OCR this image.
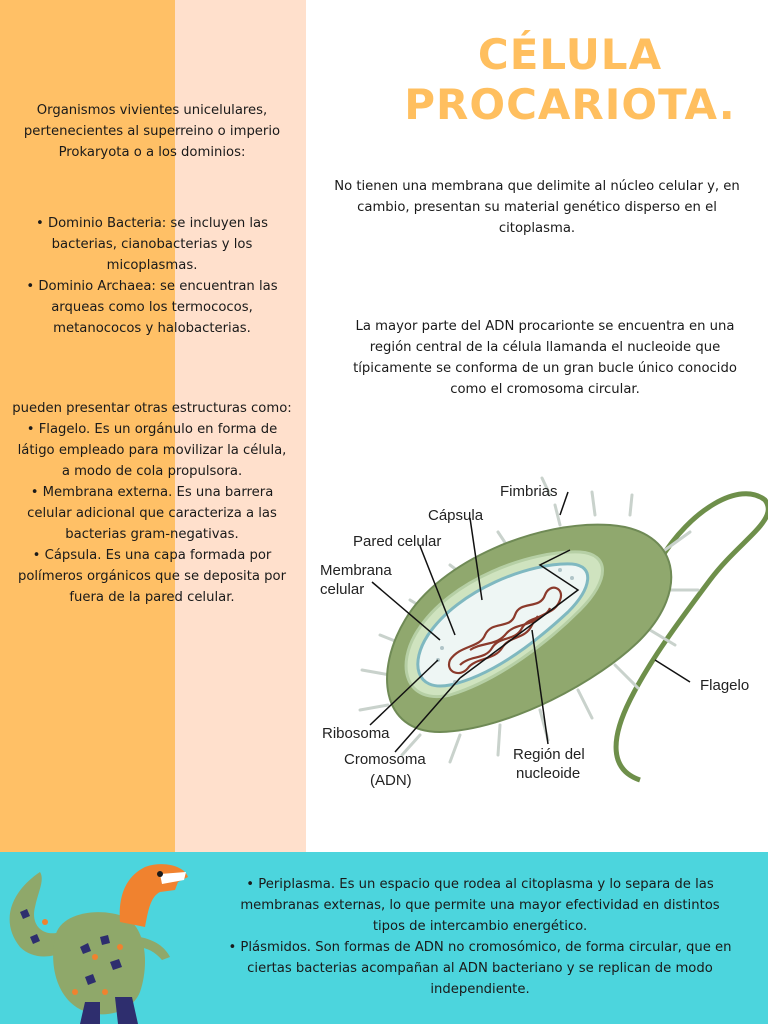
Organismos vivientes unicelulares, pertenecientes al superreino o imperio Prokaryota o a los dominios:

• Dominio Bacteria: se incluyen las bacterias, cianobacterias y los micoplasmas.

• Dominio Archaea: se encuentran las arqueas como los termococos, metanococos y halobacterias.

pueden presentar otras estructuras como:

• Flagelo. Es un orgánulo en forma de látigo empleado para movilizar la célula, a modo de cola propulsora.

• Membrana externa. Es una barrera celular adicional que caracteriza a las bacterias gram-negativas.

• Cápsula. Es una capa formada por polímeros orgánicos que se deposita por fuera de la pared celular.

CÉLULA
PROCARIOTA.
No tienen una membrana que delimite al núcleo celular y, en cambio, presentan su material genético disperso en el citoplasma.
La mayor parte del ADN procarionte se encuentra en una región central de la célula llamanda el nucleoide que típicamente se conforma de un gran bucle único conocido como el cromosoma circular.
Fimbrias
Cápsula
Pared celular
Membrana
celular
Flagelo
Ribosoma
Cromosoma
(ADN)
Región del
nucleoide

• Periplasma. Es un espacio que rodea al citoplasma y lo separa de las membranas externas, lo que permite una mayor efectividad en distintos tipos de intercambio energético.

• Plásmidos. Son formas de ADN no cromosómico, de forma circular, que en ciertas bacterias acompañan al ADN bacteriano y se replican de modo independiente.
